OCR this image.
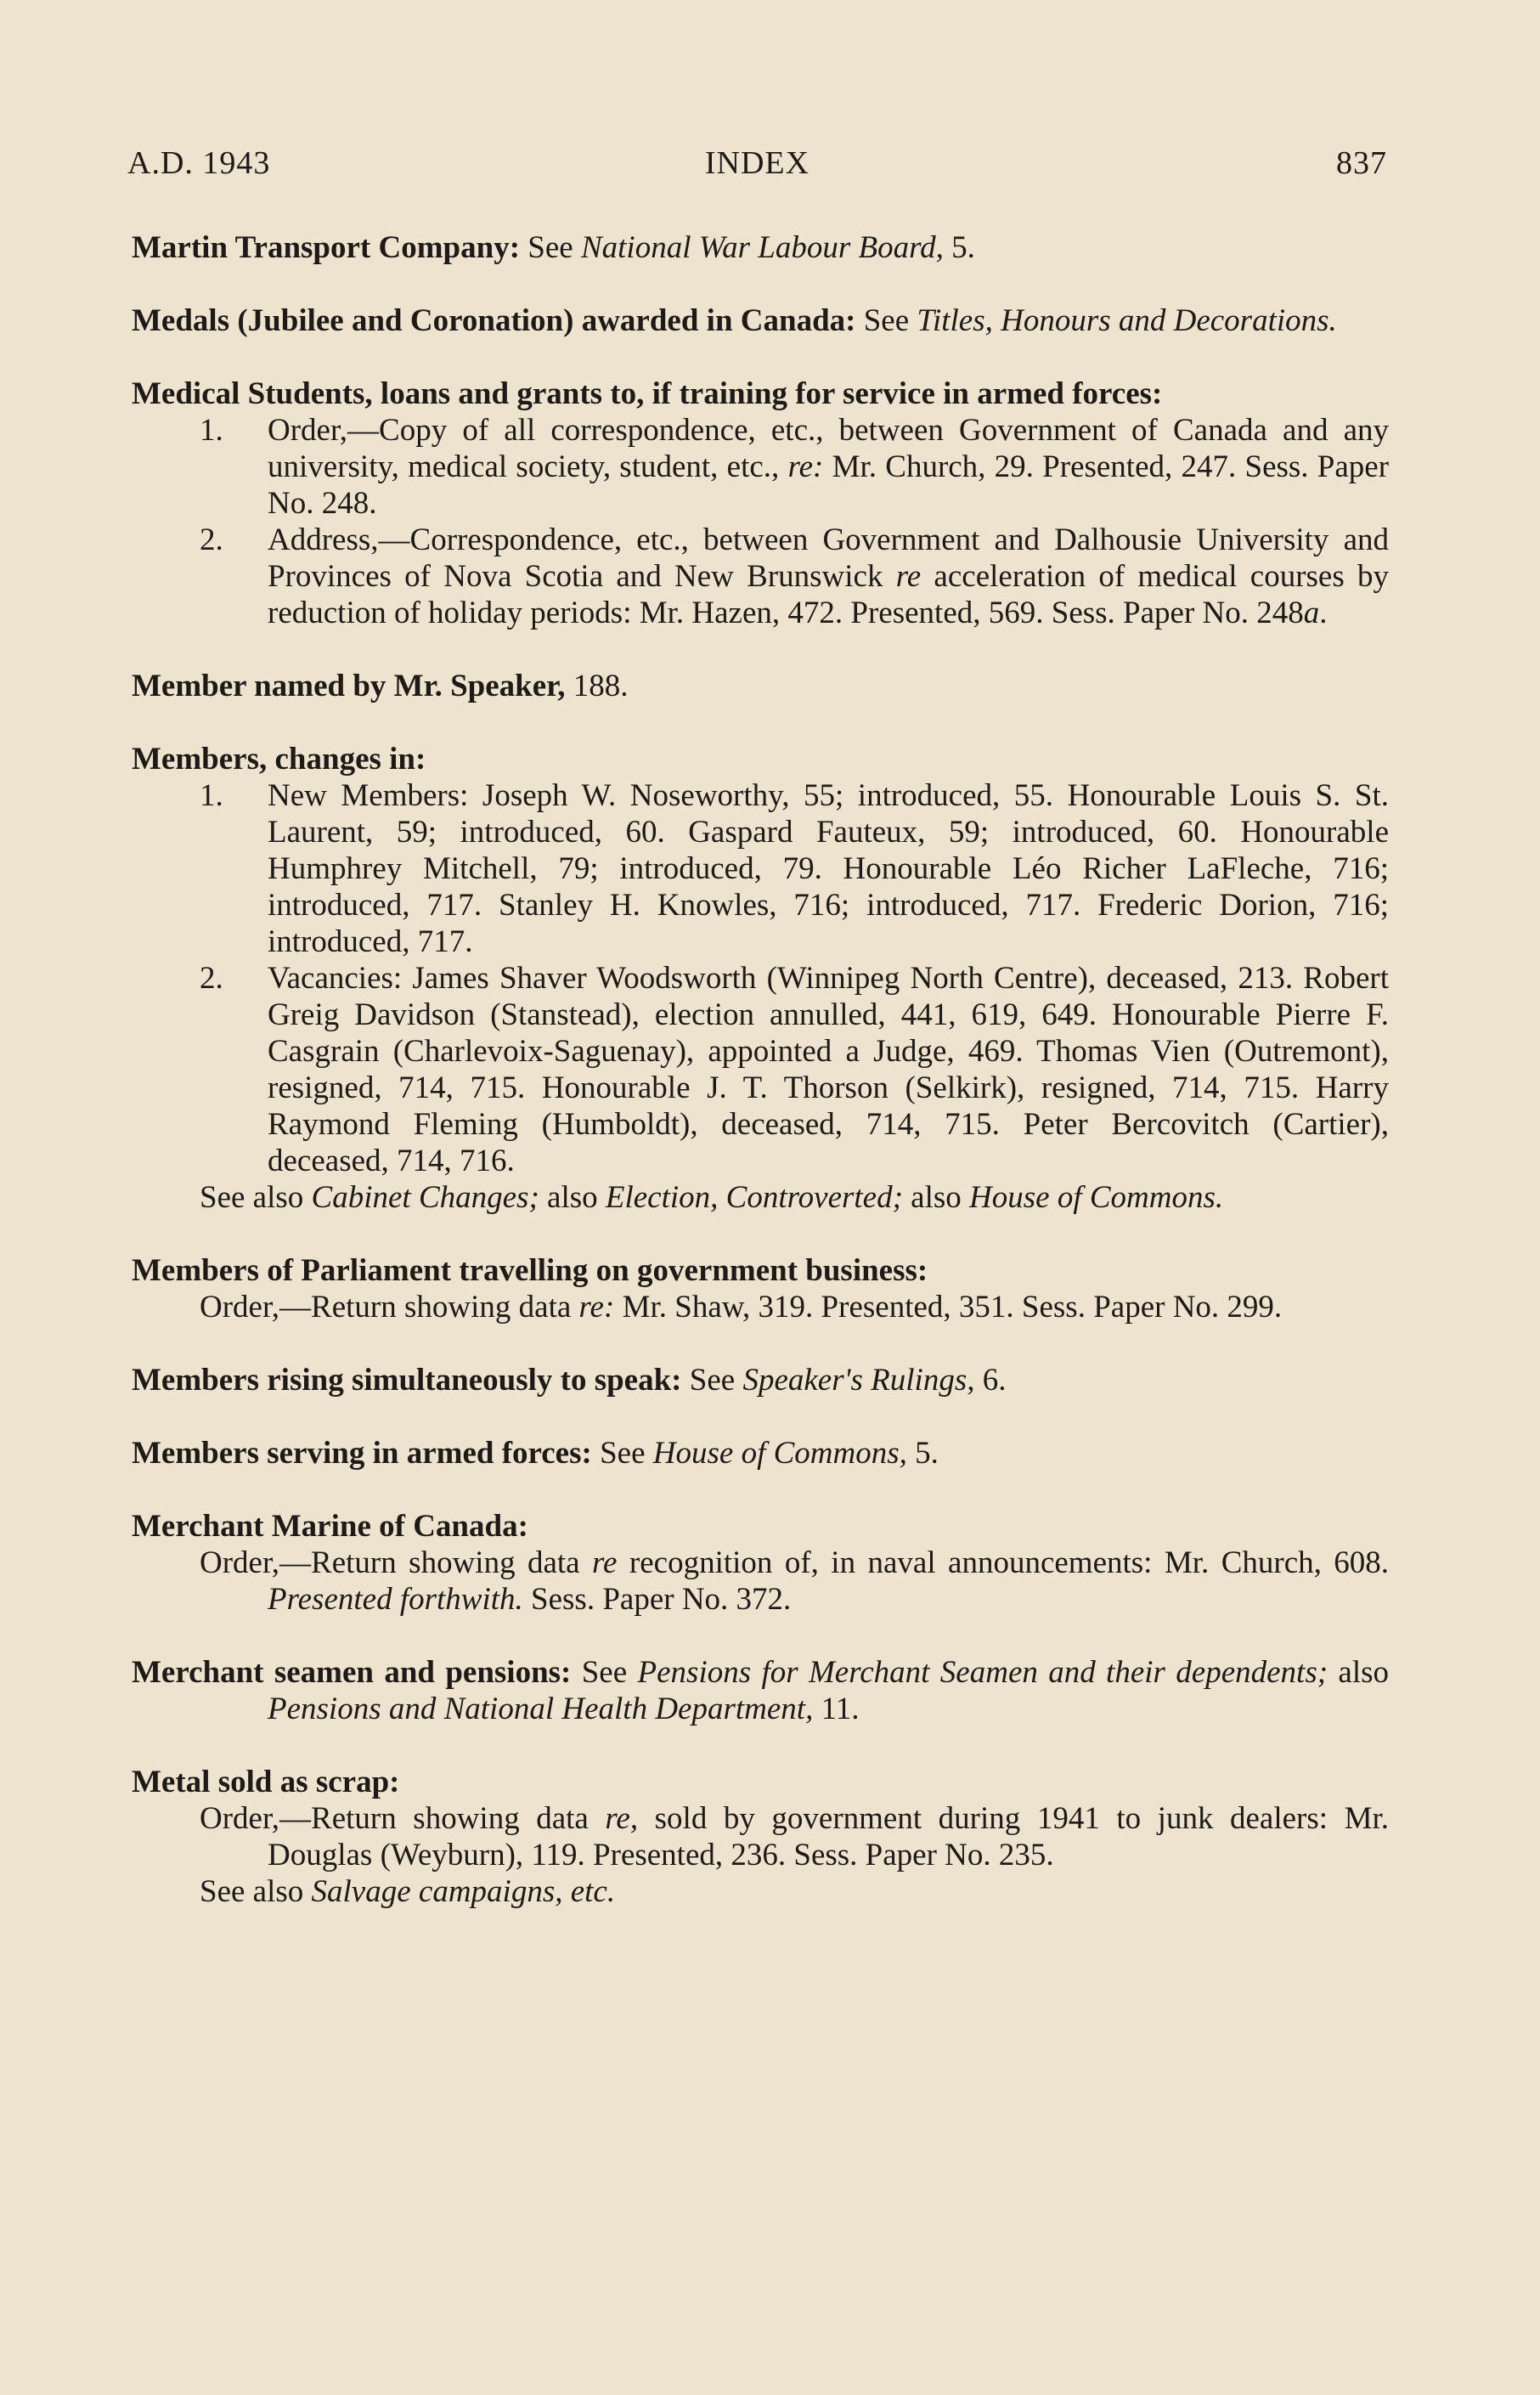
A.D. 1943	INDEX	837
Martin Transport Company: See National War Labour Board, 5.
Medals (Jubilee and Coronation) awarded in Canada: See Titles, Honours and Decorations.
Medical Students, loans and grants to, if training for service in armed forces:
1. Order,—Copy of all correspondence, etc., between Government of Canada and any university, medical society, student, etc., re: Mr. Church, 29. Presented, 247. Sess. Paper No. 248.
2. Address,—Correspondence, etc., between Government and Dalhousie University and Provinces of Nova Scotia and New Brunswick re acceleration of medical courses by reduction of holiday periods: Mr. Hazen, 472. Presented, 569. Sess. Paper No. 248a.
Member named by Mr. Speaker, 188.
Members, changes in:
1. New Members: Joseph W. Noseworthy, 55; introduced, 55. Honourable Louis S. St. Laurent, 59; introduced, 60. Gaspard Fauteux, 59; introduced, 60. Honourable Humphrey Mitchell, 79; introduced, 79. Honourable Léo Richer LaFleche, 716; introduced, 717. Stanley H. Knowles, 716; introduced, 717. Frederic Dorion, 716; introduced, 717.
2. Vacancies: James Shaver Woodsworth (Winnipeg North Centre), deceased, 213. Robert Greig Davidson (Stanstead), election annulled, 441, 619, 649. Honourable Pierre F. Casgrain (Charlevoix-Saguenay), appointed a Judge, 469. Thomas Vien (Outremont), resigned, 714, 715. Honourable J. T. Thorson (Selkirk), resigned, 714, 715. Harry Raymond Fleming (Humboldt), deceased, 714, 715. Peter Bercovitch (Cartier), deceased, 714, 716.
See also Cabinet Changes; also Election, Controverted; also House of Commons.
Members of Parliament travelling on government business:
Order,—Return showing data re: Mr. Shaw, 319. Presented, 351. Sess. Paper No. 299.
Members rising simultaneously to speak: See Speaker's Rulings, 6.
Members serving in armed forces: See House of Commons, 5.
Merchant Marine of Canada:
Order,—Return showing data re recognition of, in naval announcements: Mr. Church, 608. Presented forthwith. Sess. Paper No. 372.
Merchant seamen and pensions: See Pensions for Merchant Seamen and their dependents; also Pensions and National Health Department, 11.
Metal sold as scrap:
Order,—Return showing data re, sold by government during 1941 to junk dealers: Mr. Douglas (Weyburn), 119. Presented, 236. Sess. Paper No. 235.
See also Salvage campaigns, etc.
